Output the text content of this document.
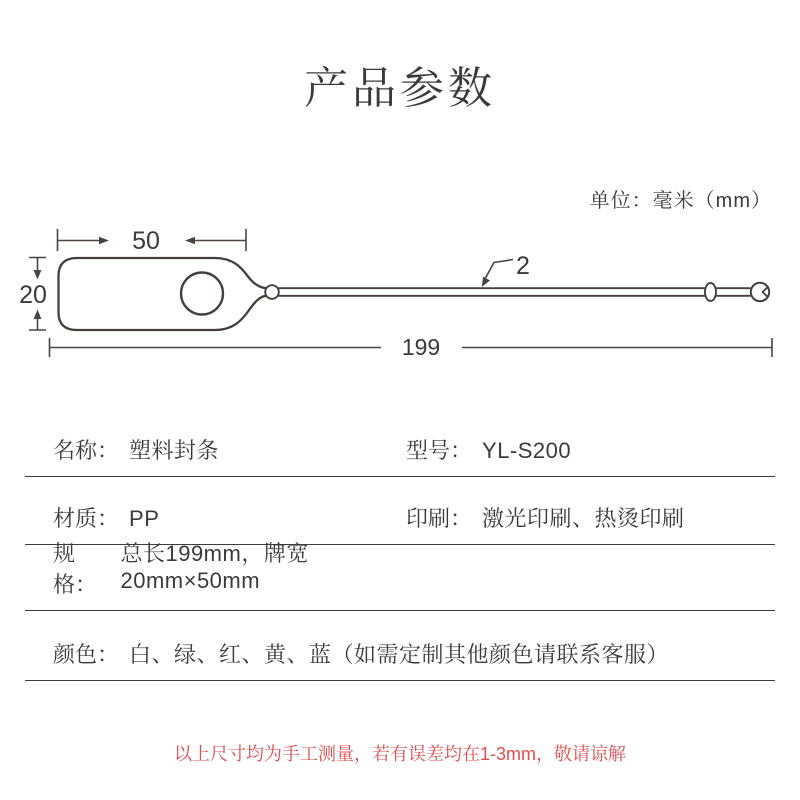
产品参数
单位：毫米（mm）
50
20
2
199
名称： 塑料封条	型号： YL-S200
材质： PP	印刷： 激光印刷、热烫印刷
规格：
总长199mm，牌宽20mm×50mm
颜色： 白、绿、红、黄、蓝（如需定制其他颜色请联系客服）
以上尺寸均为手工测量，若有误差均在1-3mm，敬请谅解
